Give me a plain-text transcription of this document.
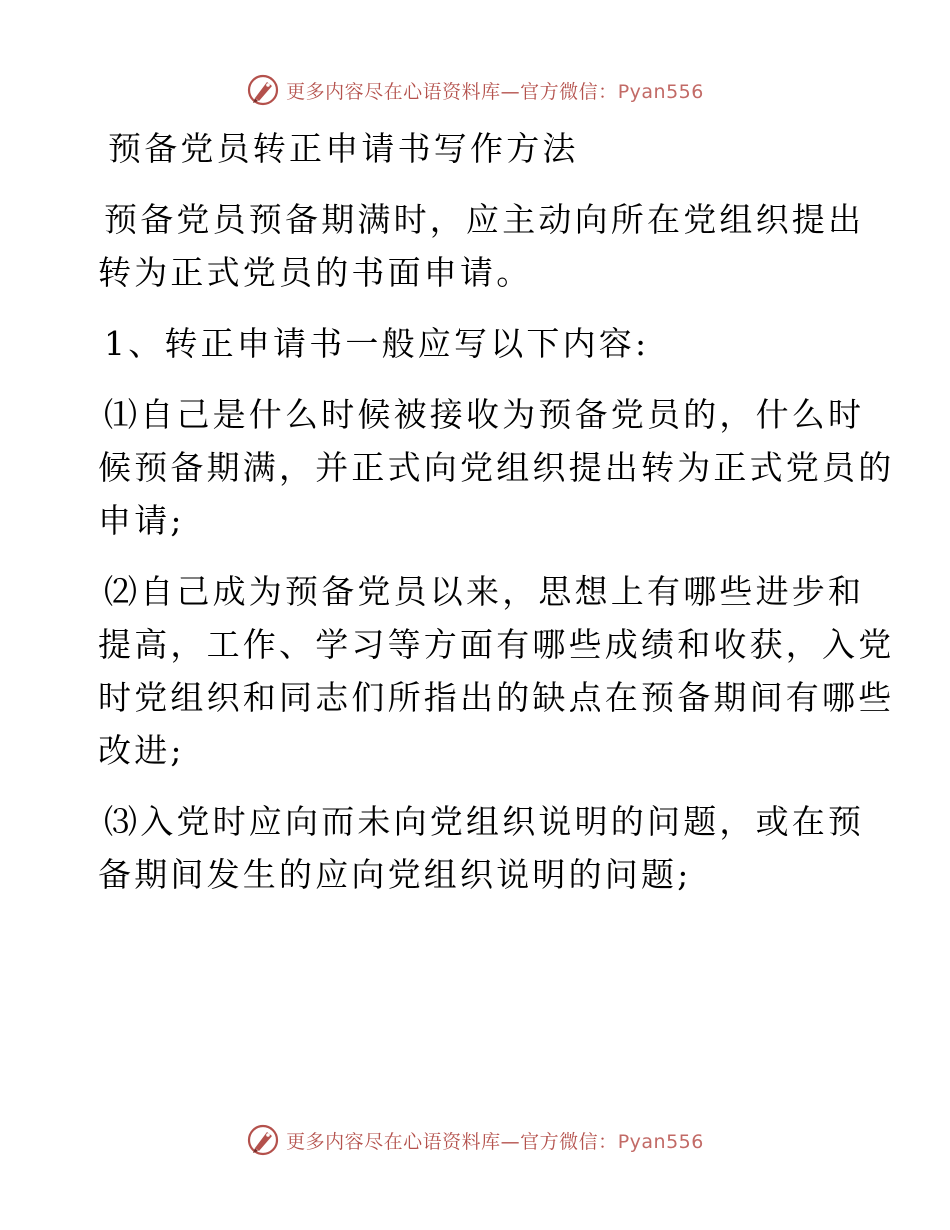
更多内容尽在心语资料库—官方微信：Pyan556

预备党员转正申请书写作方法

预备党员预备期满时，应主动向所在党组织提出

转为正式党员的书面申请。

1、转正申请书一般应写以下内容:

⑴自己是什么时候被接收为预备党员的，什么时

候预备期满，并正式向党组织提出转为正式党员的

申请;

⑵自己成为预备党员以来，思想上有哪些进步和

提高，工作、学习等方面有哪些成绩和收获，入党

时党组织和同志们所指出的缺点在预备期间有哪些

改进;

⑶入党时应向而未向党组织说明的问题，或在预

备期间发生的应向党组织说明的问题;

更多内容尽在心语资料库—官方微信：Pyan556
